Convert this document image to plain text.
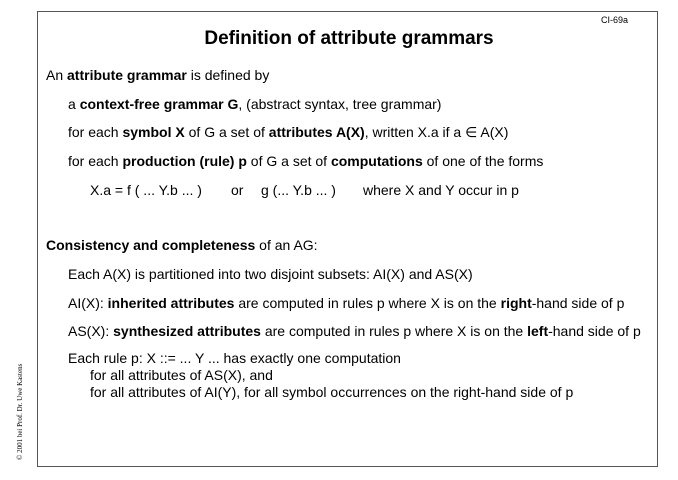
CI-69a
Definition of attribute grammars
An attribute grammar is defined by
a context-free grammar G, (abstract syntax, tree grammar)
for each symbol X of G a set of attributes A(X), written X.a if a ∈ A(X)
for each production (rule) p of G a set of computations of one of the forms
X.a = f ( ... Y.b ... ) or g (... Y.b ... ) where X and Y occur in p
Consistency and completeness of an AG:
Each A(X) is partitioned into two disjoint subsets: AI(X) and AS(X)
AI(X): inherited attributes are computed in rules p where X is on the right-hand side of p
AS(X): synthesized attributes are computed in rules p where X is on the left-hand side of p
Each rule p: X ::= ... Y ... has exactly one computation
for all attributes of AS(X), and
for all attributes of AI(Y), for all symbol occurrences on the right-hand side of p
© 2001 bei Prof. Dr. Uwe Kastens
